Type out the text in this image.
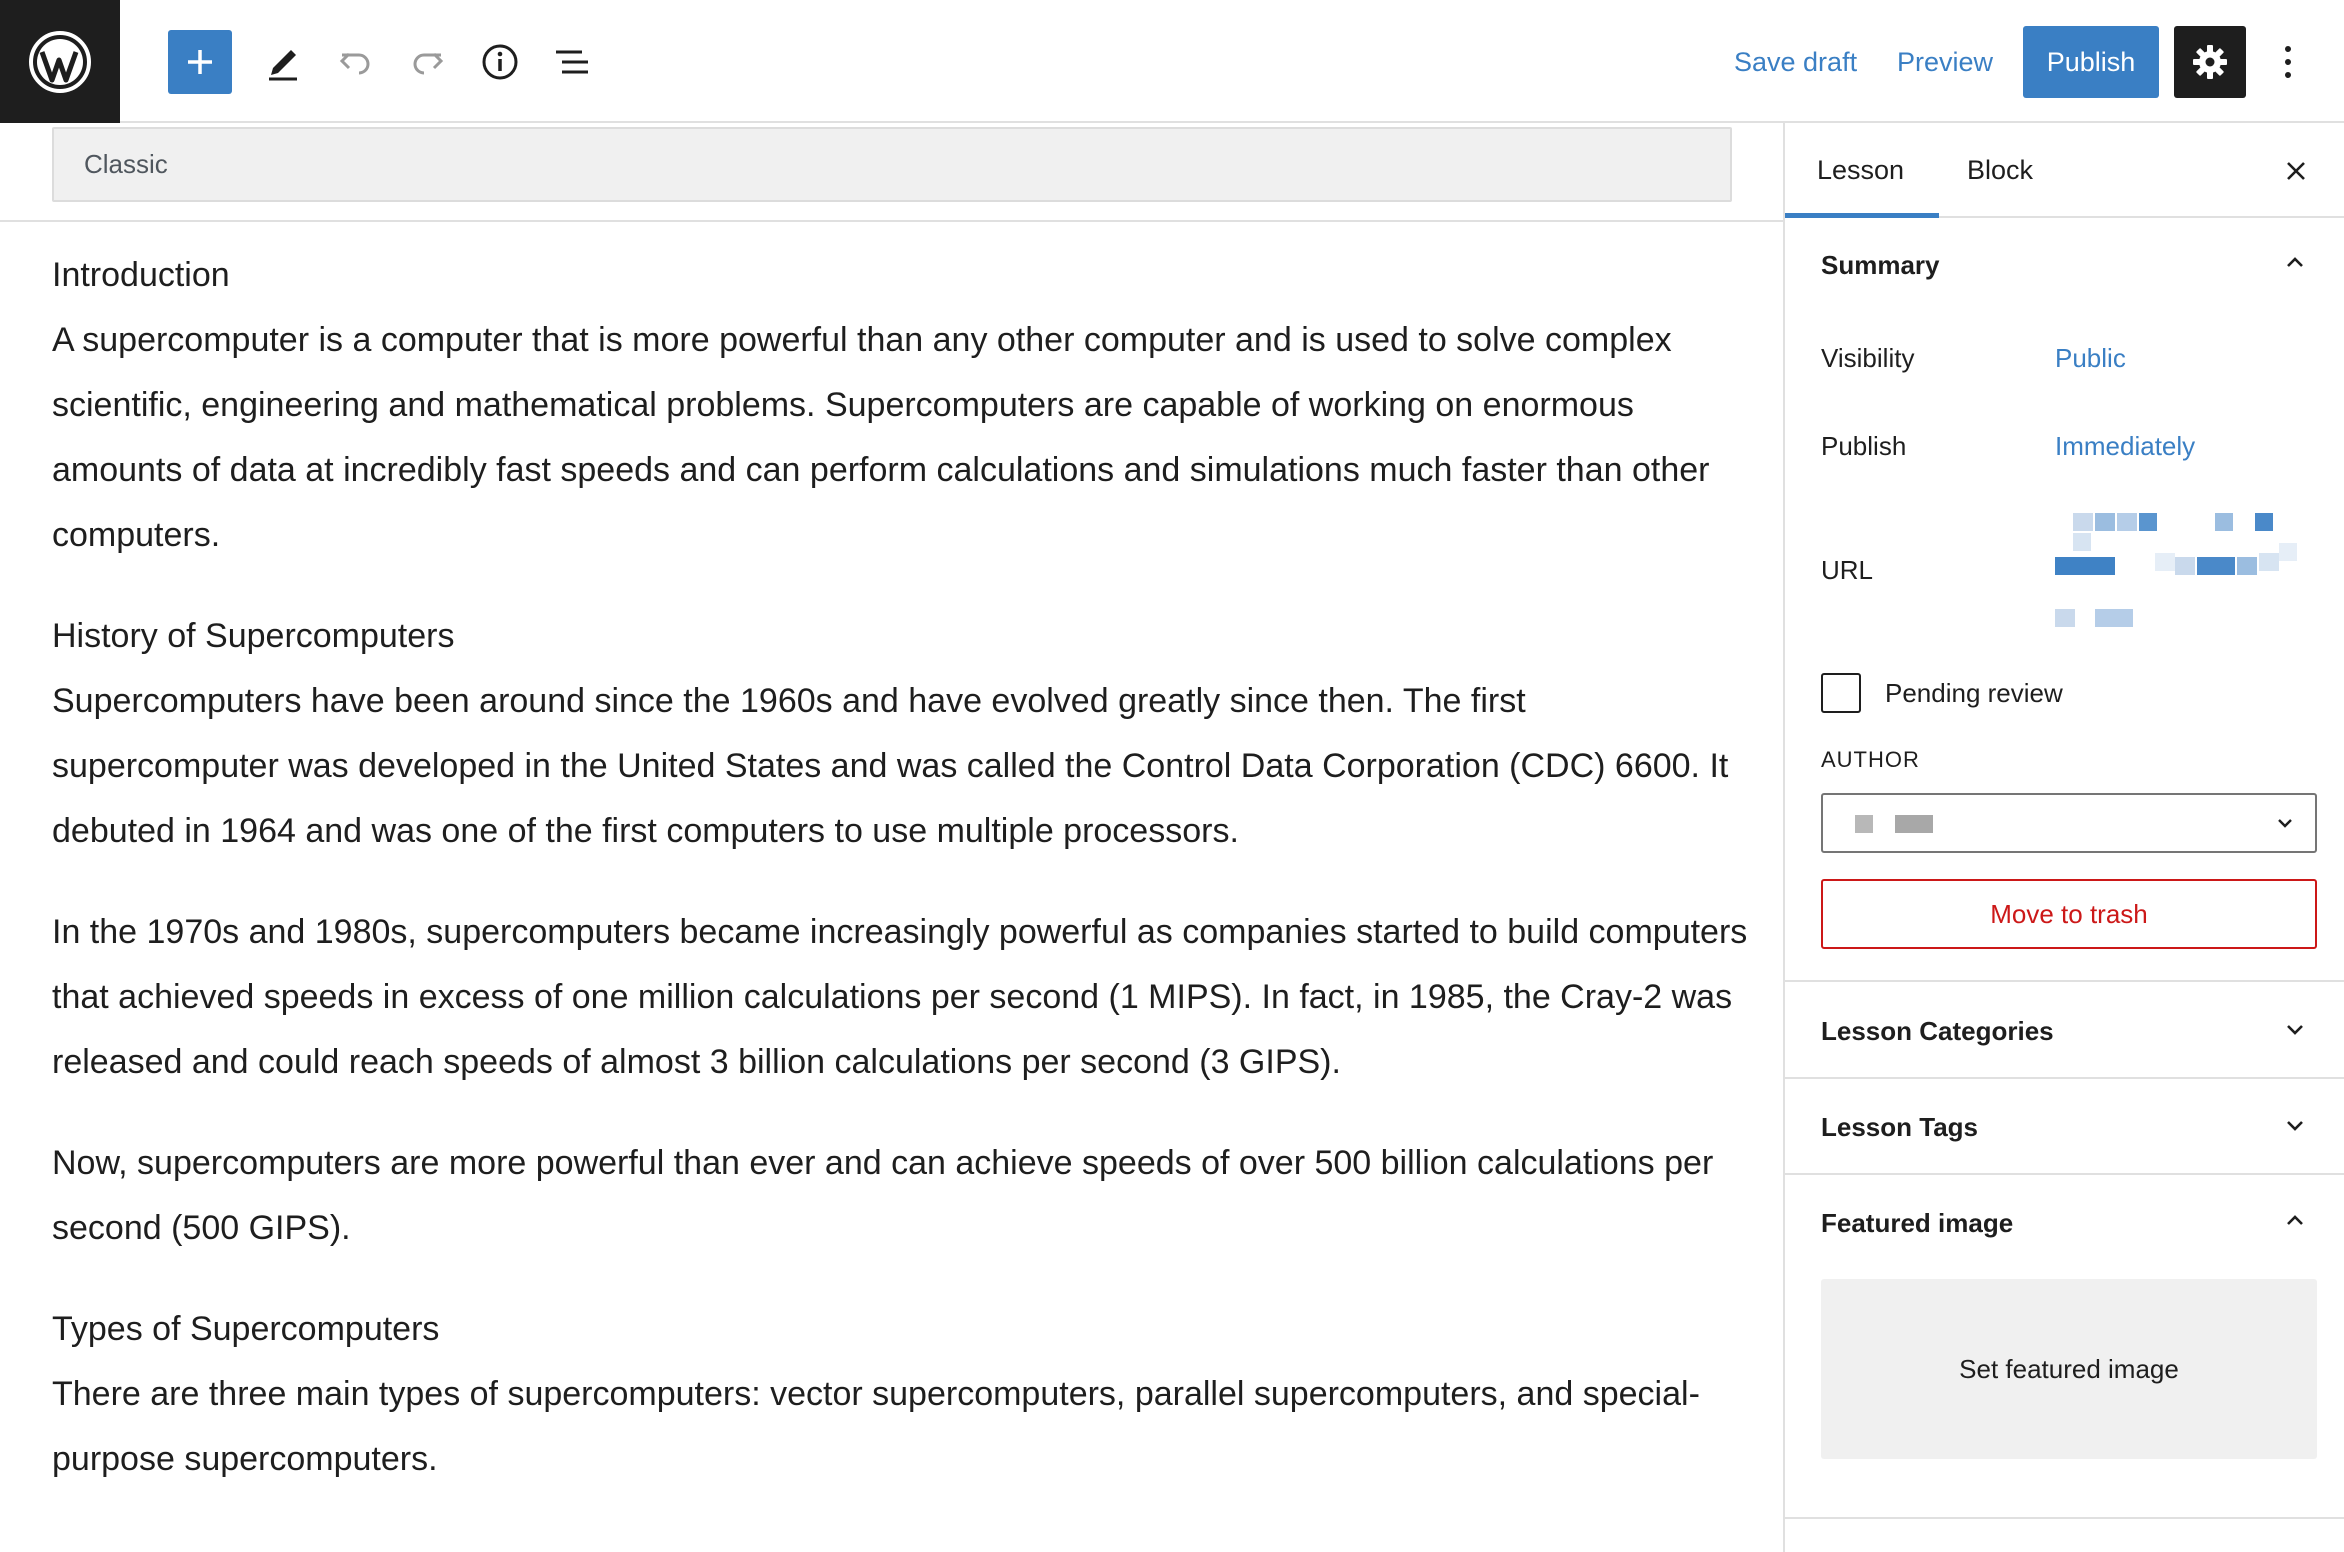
Save draft Preview	Publish
Classic

Introduction
A supercomputer is a computer that is more powerful than any other computer and is used to solve complex scientific, engineering and mathematical problems. Supercomputers are capable of working on enormous amounts of data at incredibly fast speeds and can perform calculations and simulations much faster than other computers.

History of Supercomputers
Supercomputers have been around since the 1960s and have evolved greatly since then. The first supercomputer was developed in the United States and was called the Control Data Corporation (CDC) 6600. It debuted in 1964 and was one of the first computers to use multiple processors.

In the 1970s and 1980s, supercomputers became increasingly powerful as companies started to build computers that achieved speeds in excess of one million calculations per second (1 MIPS). In fact, in 1985, the Cray-2 was released and could reach speeds of almost 3 billion calculations per second (3 GIPS).

Now, supercomputers are more powerful than ever and can achieve speeds of over 500 billion calculations per second (500 GIPS).

Types of Supercomputers
There are three main types of supercomputers: vector supercomputers, parallel supercomputers, and special-purpose supercomputers.

Lesson Block
Summary
Visibility	Public
Publish	Immediately
URL
Pending review
AUTHOR
Move to trash
Lesson Categories
Lesson Tags
Featured image
Set featured image
